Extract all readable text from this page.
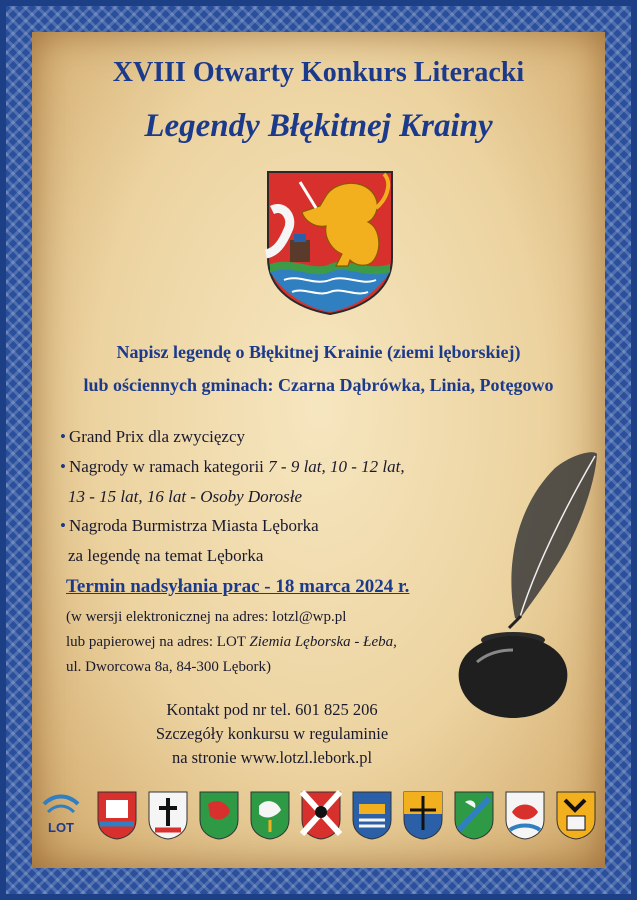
XVIII Otwarty Konkurs Literacki
Legendy Błękitnej Krainy
Napisz legendę o Błękitnej Krainie (ziemi lęborskiej)
lub ościennych gminach: Czarna Dąbrówka, Linia, Potęgowo
• Grand Prix dla zwycięzcy
• Nagrody w ramach kategorii 7 - 9 lat, 10 - 12 lat,
13 - 15 lat, 16 lat - Osoby Dorosłe
• Nagroda Burmistrza Miasta Lęborka
za legendę na temat Lęborka
Termin nadsyłania prac - 18 marca 2024 r.
(w wersji elektronicznej na adres: lotzl@wp.pl
lub papierowej na adres: LOT Ziemia Lęborska - Łeba,
ul. Dworcowa 8a, 84-300 Lębork)
Kontakt pod nr tel. 601 825 206
Szczegóły konkursu w regulaminie
na stronie www.lotzl.lebork.pl
LOT
